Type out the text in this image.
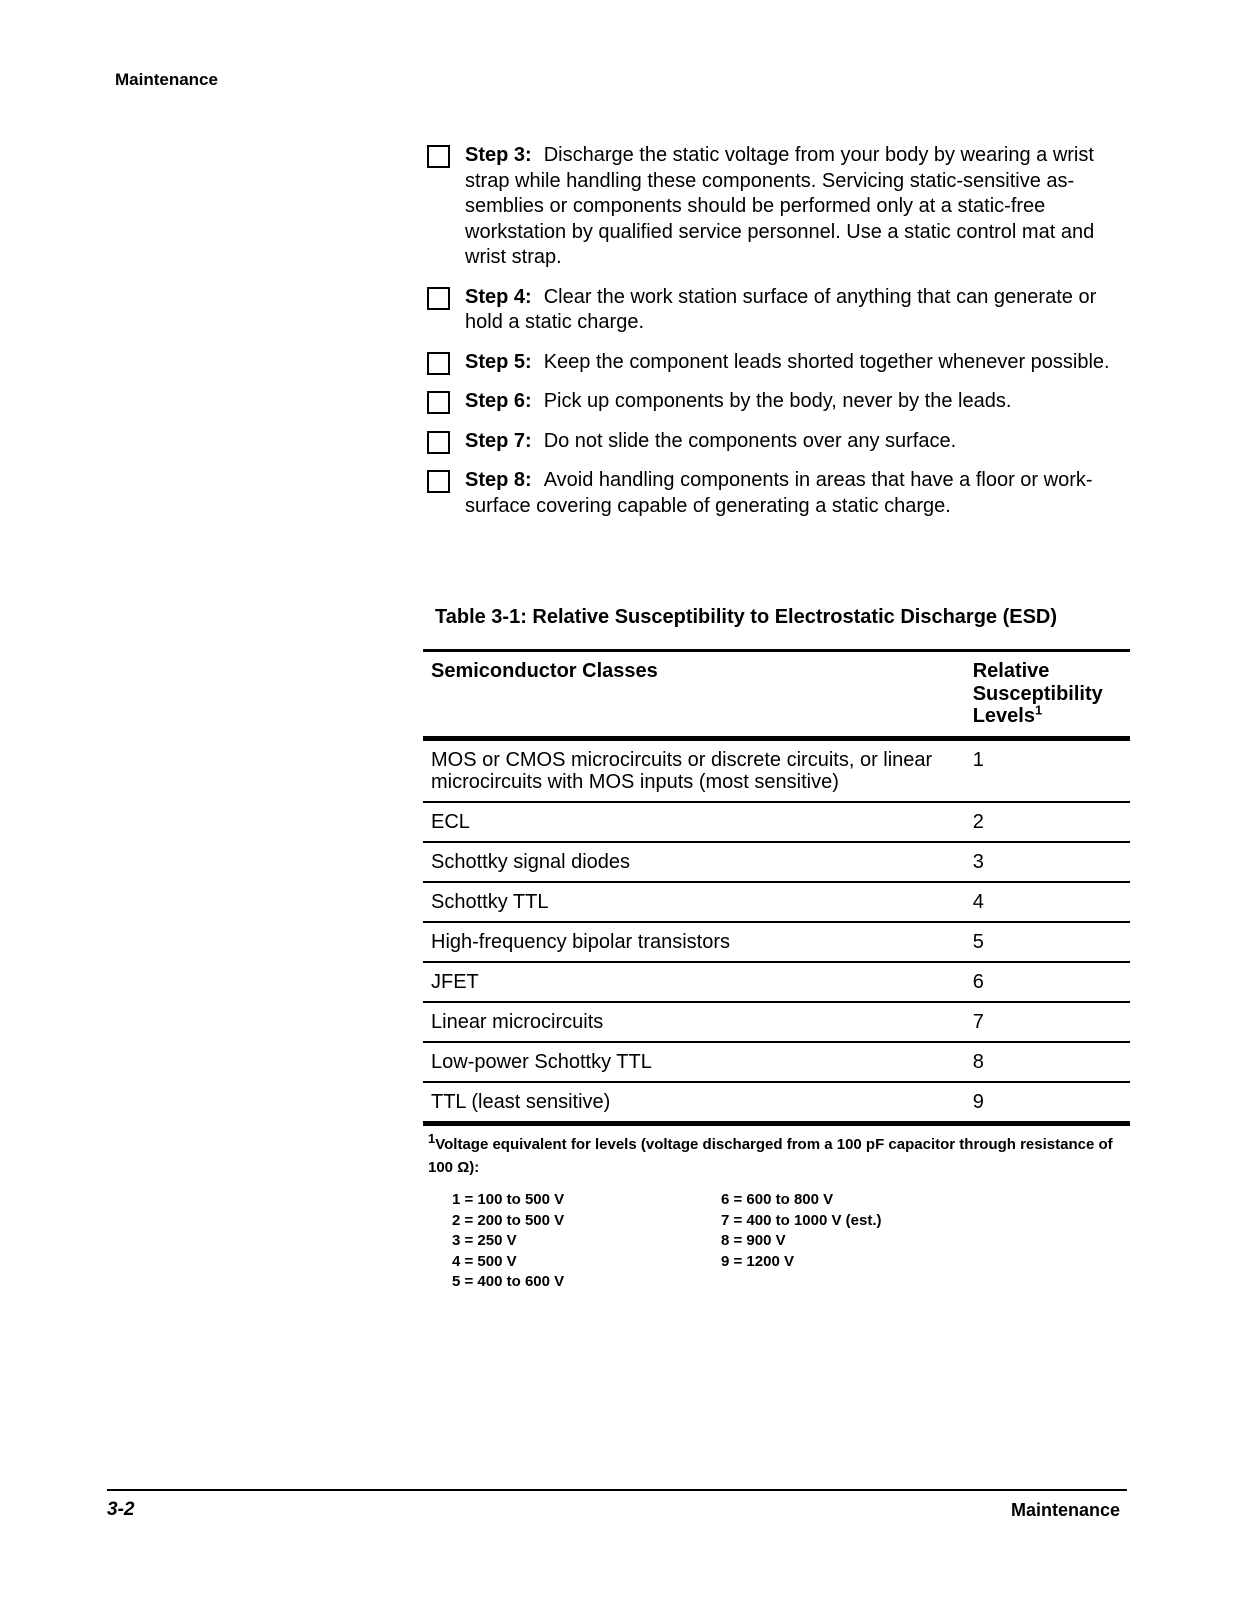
Maintenance
Step 3: Discharge the static voltage from your body by wearing a wrist strap while handling these components. Servicing static-sensitive assemblies or components should be performed only at a static-free workstation by qualified service personnel. Use a static control mat and wrist strap.
Step 4: Clear the work station surface of anything that can generate or hold a static charge.
Step 5: Keep the component leads shorted together whenever possible.
Step 6: Pick up components by the body, never by the leads.
Step 7: Do not slide the components over any surface.
Step 8: Avoid handling components in areas that have a floor or worksurface covering capable of generating a static charge.
Table 3-1: Relative Susceptibility to Electrostatic Discharge (ESD)
Semiconductor Classes	Relative
Susceptibility
Levels$^1$
MOS or CMOS microcircuits or discrete circuits, or linear microcircuits with MOS inputs (most sensitive)	1
ECL	2
Schottky signal diodes	3
Schottky TTL	4
High-frequency bipolar transistors	5
JFET	6
Linear microcircuits	7
Low-power Schottky TTL	8
TTL (least sensitive)	9
$^1$Voltage equivalent for levels (voltage discharged from a 100 pF capacitor through resistance of 100 Ω):
1 = 100 to 500 V
2 = 200 to 500 V
3 = 250 V
4 = 500 V
5 = 400 to 600 V
6 = 600 to 800 V
7 = 400 to 1000 V (est.)
8 = 900 V
9 = 1200 V
3-2	Maintenance
